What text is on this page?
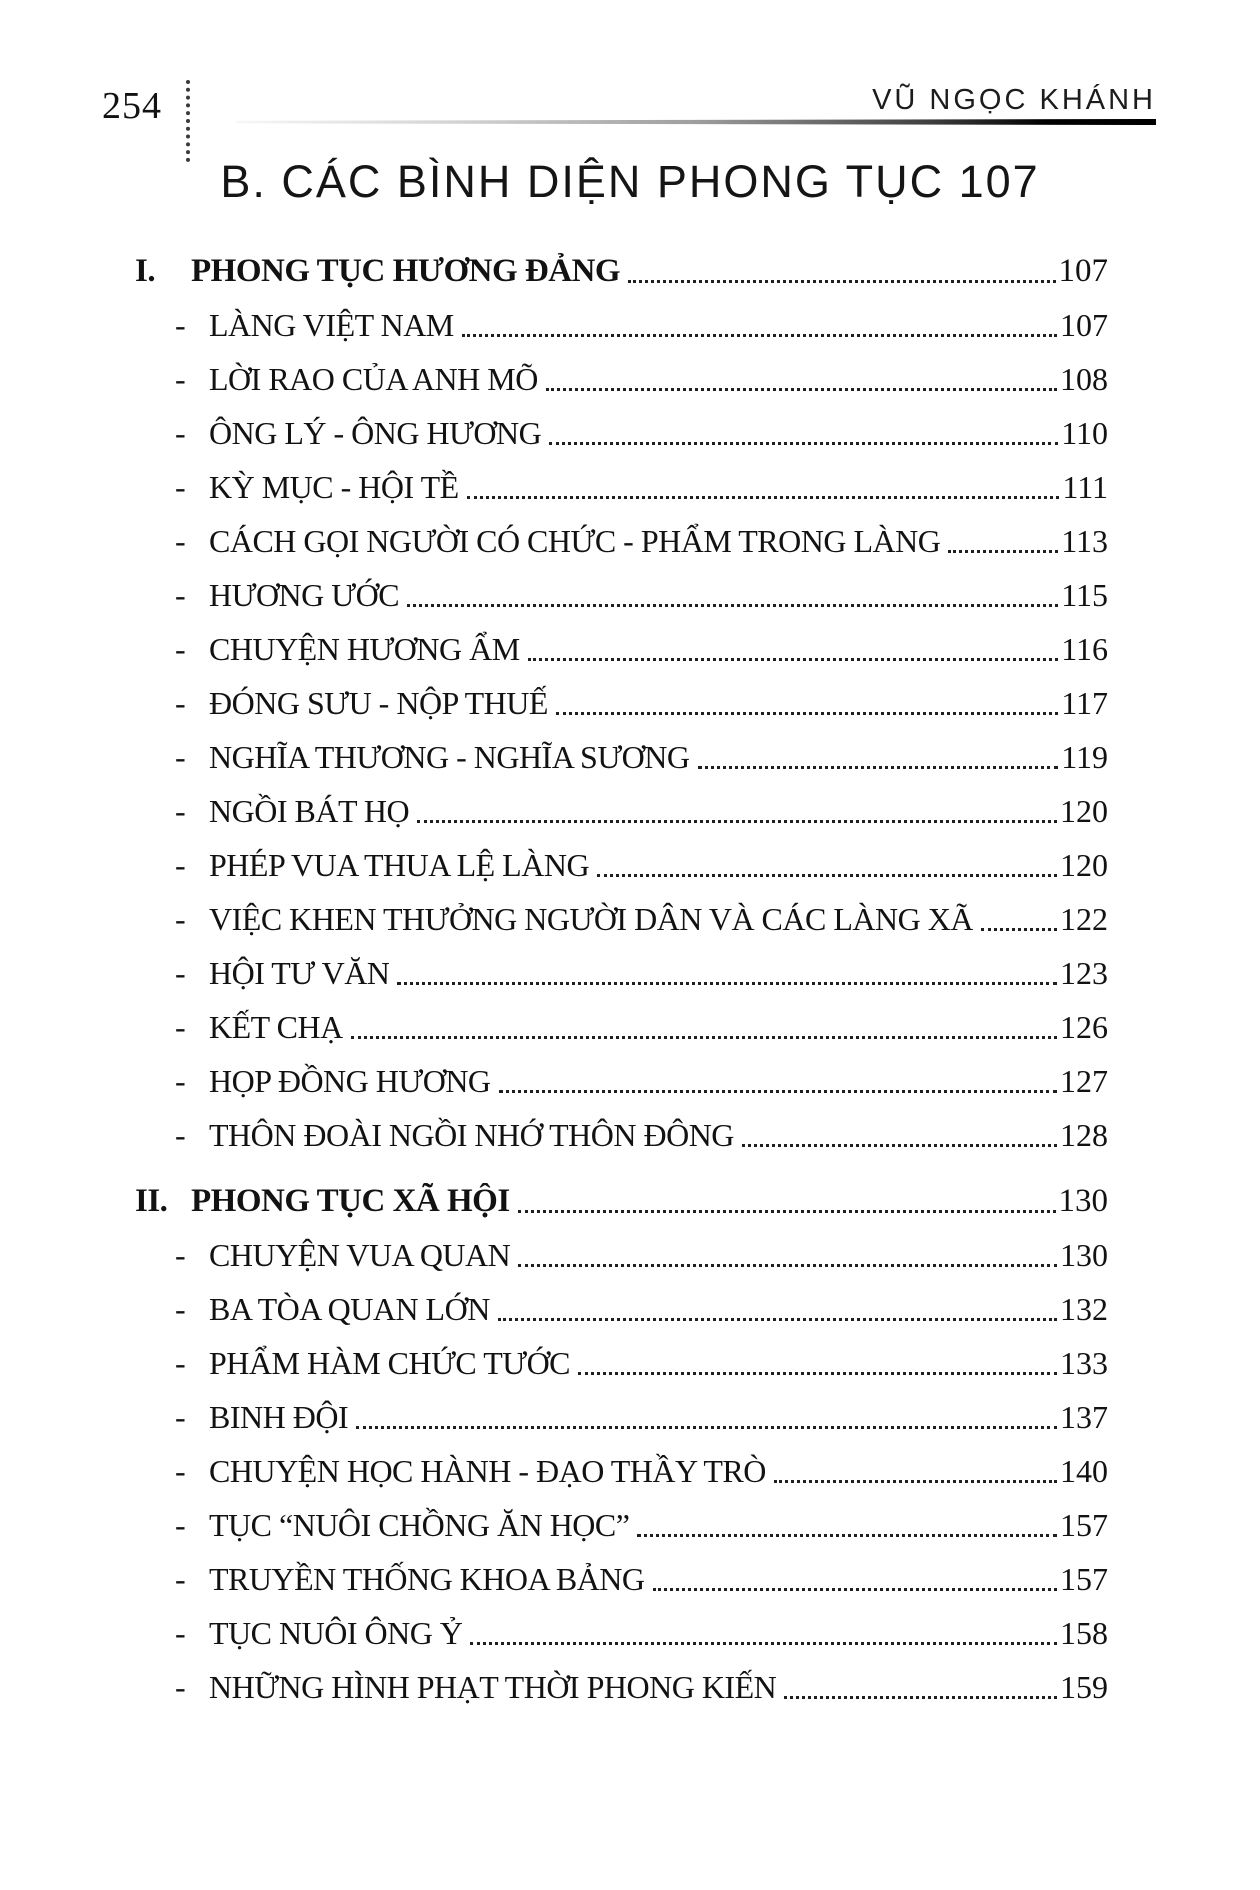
254	VŨ NGỌC KHÁNH
B. CÁC BÌNH DIỆN PHONG TỤC 107
I.	PHONG TỤC HƯƠNG ĐẢNG	107
- LÀNG VIỆT NAM	107
- LỜI RAO CỦA ANH MÕ	108
- ÔNG LÝ - ÔNG HƯƠNG	110
- KỲ MỤC - HỘI TỀ	111
- CÁCH GỌI NGƯỜI CÓ CHỨC - PHẨM TRONG LÀNG	113
- HƯƠNG ƯỚC	115
- CHUYỆN HƯƠNG ẨM	116
- ĐÓNG SƯU - NỘP THUẾ	117
- NGHĨA THƯƠNG - NGHĨA SƯƠNG	119
- NGỒI BÁT HỌ	120
- PHÉP VUA THUA LỆ LÀNG	120
- VIỆC KHEN THƯỞNG NGƯỜI DÂN VÀ CÁC LÀNG XÃ	122
- HỘI TƯ VĂN	123
- KẾT CHẠ	126
- HỌP ĐỒNG HƯƠNG	127
- THÔN ĐOÀI NGỒI NHỚ THÔN ĐÔNG	128
II. PHONG TỤC XÃ HỘI	130
- CHUYỆN VUA QUAN	130
- BA TÒA QUAN LỚN	132
- PHẨM HÀM CHỨC TƯỚC	133
- BINH ĐỘI	137
- CHUYỆN HỌC HÀNH - ĐẠO THẦY TRÒ	140
- TỤC “NUÔI CHỒNG ĂN HỌC”	157
- TRUYỀN THỐNG KHOA BẢNG	157
- TỤC NUÔI ÔNG Ỷ	158
- NHỮNG HÌNH PHẠT THỜI PHONG KIẾN	159
